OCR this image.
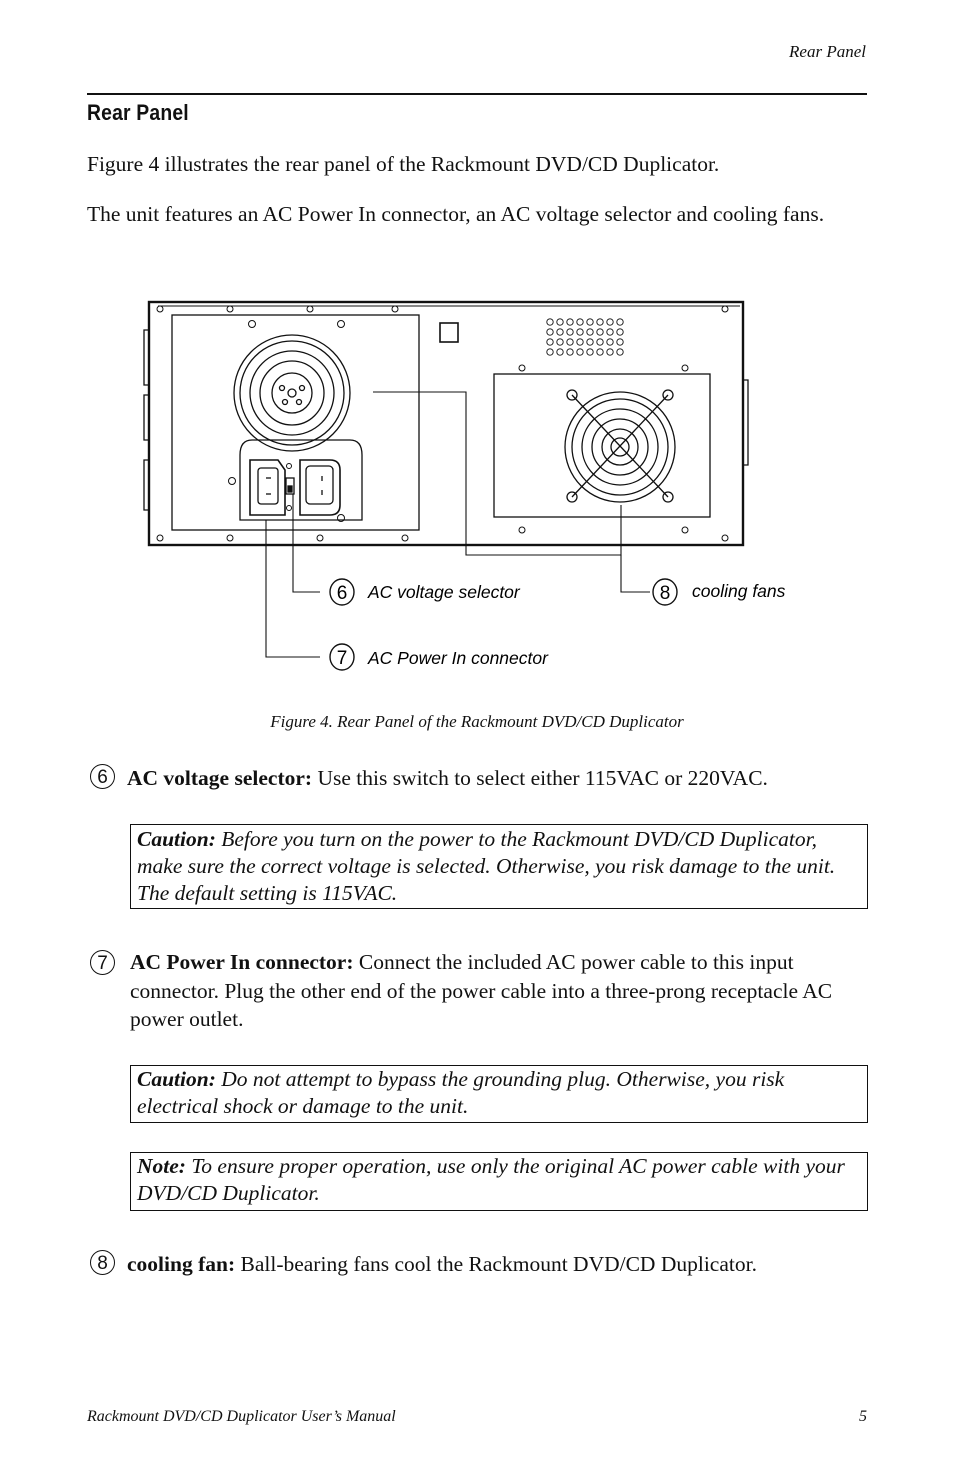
Rear Panel
Rear Panel
Figure 4 illustrates the rear panel of the Rackmount DVD/CD Duplicator.
The unit features an AC Power In connector, an AC voltage selector and cooling fans.
6 AC voltage selector
7 AC Power In connector
8 cooling fans
Figure 4. Rear Panel of the Rackmount DVD/CD Duplicator
6 AC voltage selector: Use this switch to select either 115VAC or 220VAC.
Caution: Before you turn on the power to the Rackmount DVD/CD Duplicator, make sure the correct voltage is selected. Otherwise, you risk damage to the unit. The default setting is 115VAC.
7	AC Power In connector: Connect the included AC power cable to this input connector. Plug the other end of the power cable into a three-prong receptacle AC power outlet.
Caution: Do not attempt to bypass the grounding plug. Otherwise, you risk electrical shock or damage to the unit.
Note: To ensure proper operation, use only the original AC power cable with your DVD/CD Duplicator.
8 cooling fan: Ball-bearing fans cool the Rackmount DVD/CD Duplicator.
Rackmount DVD/CD Duplicator User’s Manual	5
